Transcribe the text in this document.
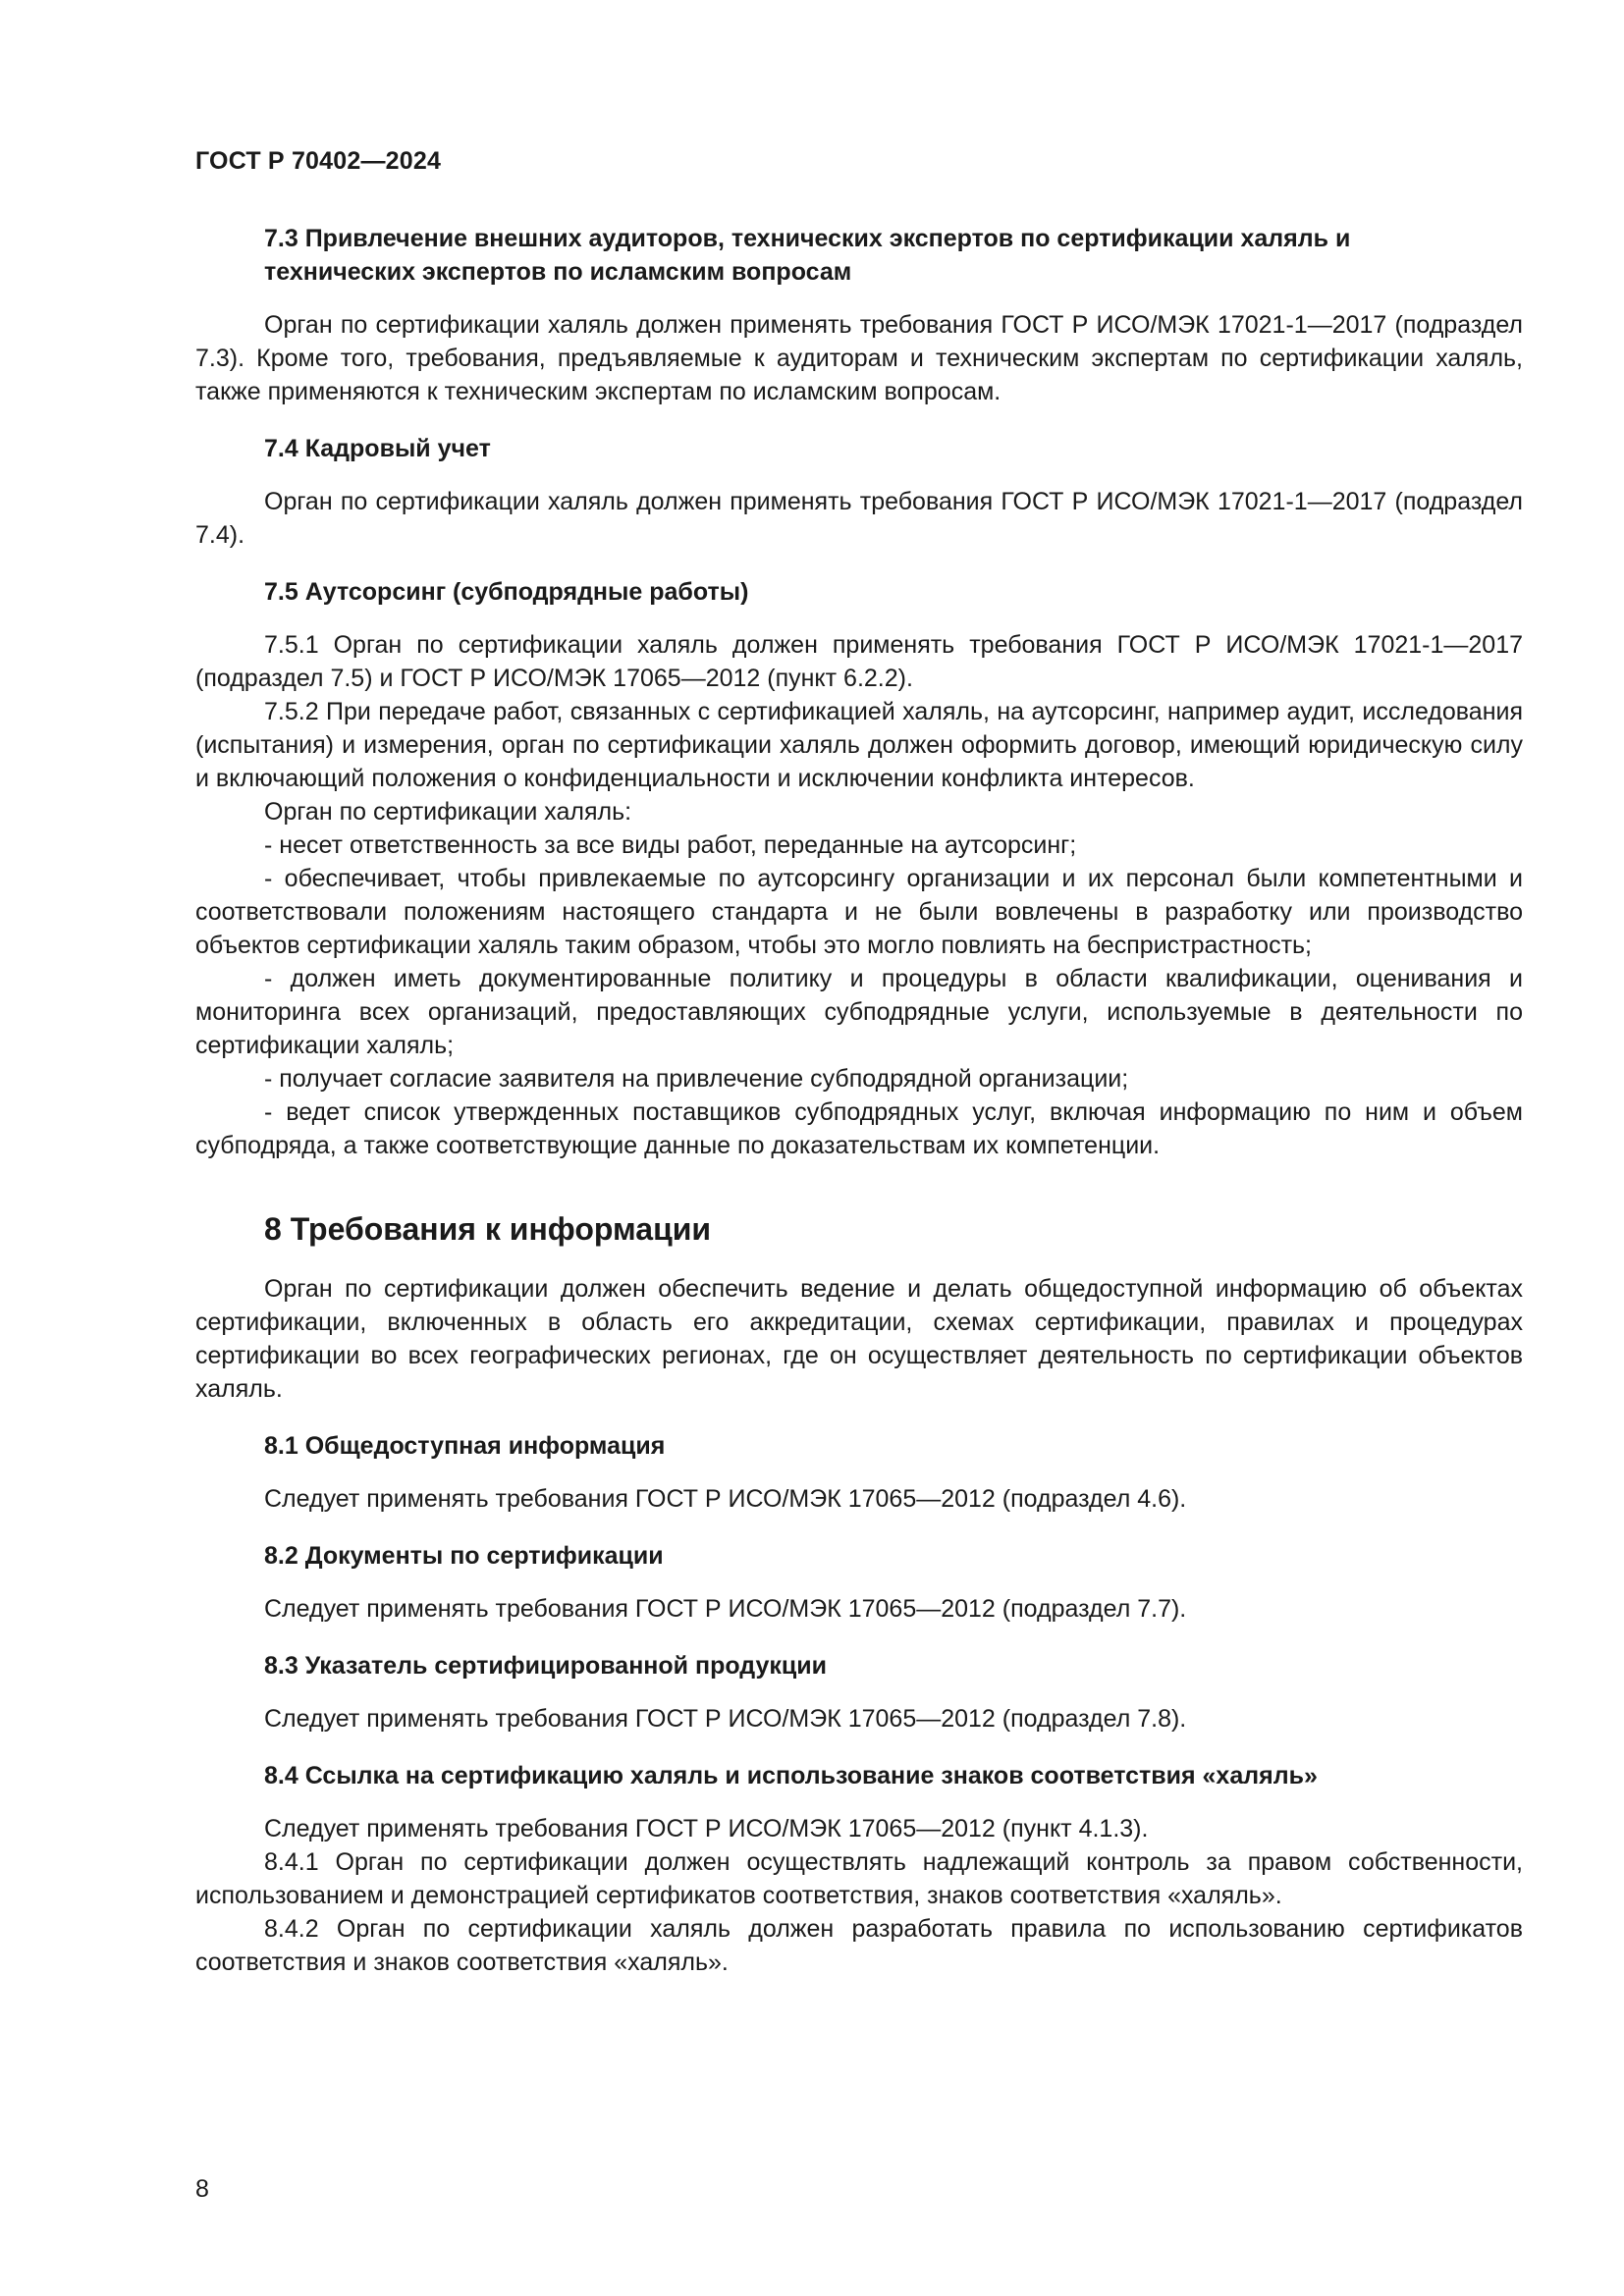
ГОСТ Р 70402—2024
7.3 Привлечение внешних аудиторов, технических экспертов по сертификации халяль и
технических экспертов по исламским вопросам

Орган по сертификации халяль должен применять требования ГОСТ Р ИСО/МЭК 17021-1—2017 (подраздел 7.3). Кроме того, требования, предъявляемые к аудиторам и техническим экспертам по сертификации халяль, также применяются к техническим экспертам по исламским вопросам.

7.4 Кадровый учет

Орган по сертификации халяль должен применять требования ГОСТ Р ИСО/МЭК 17021-1—2017 (подраздел 7.4).

7.5 Аутсорсинг (субподрядные работы)

7.5.1 Орган по сертификации халяль должен применять требования ГОСТ Р ИСО/МЭК 17021-1—2017 (подраздел 7.5) и ГОСТ Р ИСО/МЭК 17065—2012 (пункт 6.2.2).

7.5.2 При передаче работ, связанных с сертификацией халяль, на аутсорсинг, например аудит, исследования (испытания) и измерения, орган по сертификации халяль должен оформить договор, имеющий юридическую силу и включающий положения о конфиденциальности и исключении конфликта интересов.

Орган по сертификации халяль:

- несет ответственность за все виды работ, переданные на аутсорсинг;

- обеспечивает, чтобы привлекаемые по аутсорсингу организации и их персонал были компетентными и соответствовали положениям настоящего стандарта и не были вовлечены в разработку или производство объектов сертификации халяль таким образом, чтобы это могло повлиять на беспристрастность;

- должен иметь документированные политику и процедуры в области квалификации, оценивания и мониторинга всех организаций, предоставляющих субподрядные услуги, используемые в деятельности по сертификации халяль;

- получает согласие заявителя на привлечение субподрядной организации;

- ведет список утвержденных поставщиков субподрядных услуг, включая информацию по ним и объем субподряда, а также соответствующие данные по доказательствам их компетенции.

8 Требования к информации

Орган по сертификации должен обеспечить ведение и делать общедоступной информацию об объектах сертификации, включенных в область его аккредитации, схемах сертификации, правилах и процедурах сертификации во всех географических регионах, где он осуществляет деятельность по сертификации объектов халяль.

8.1 Общедоступная информация

Следует применять требования ГОСТ Р ИСО/МЭК 17065—2012 (подраздел 4.6).

8.2 Документы по сертификации

Следует применять требования ГОСТ Р ИСО/МЭК 17065—2012 (подраздел 7.7).

8.3 Указатель сертифицированной продукции

Следует применять требования ГОСТ Р ИСО/МЭК 17065—2012 (подраздел 7.8).

8.4 Ссылка на сертификацию халяль и использование знаков соответствия «халяль»

Следует применять требования ГОСТ Р ИСО/МЭК 17065—2012 (пункт 4.1.3).

8.4.1 Орган по сертификации должен осуществлять надлежащий контроль за правом собственности, использованием и демонстрацией сертификатов соответствия, знаков соответствия «халяль».

8.4.2 Орган по сертификации халяль должен разработать правила по использованию сертификатов соответствия и знаков соответствия «халяль».

8
